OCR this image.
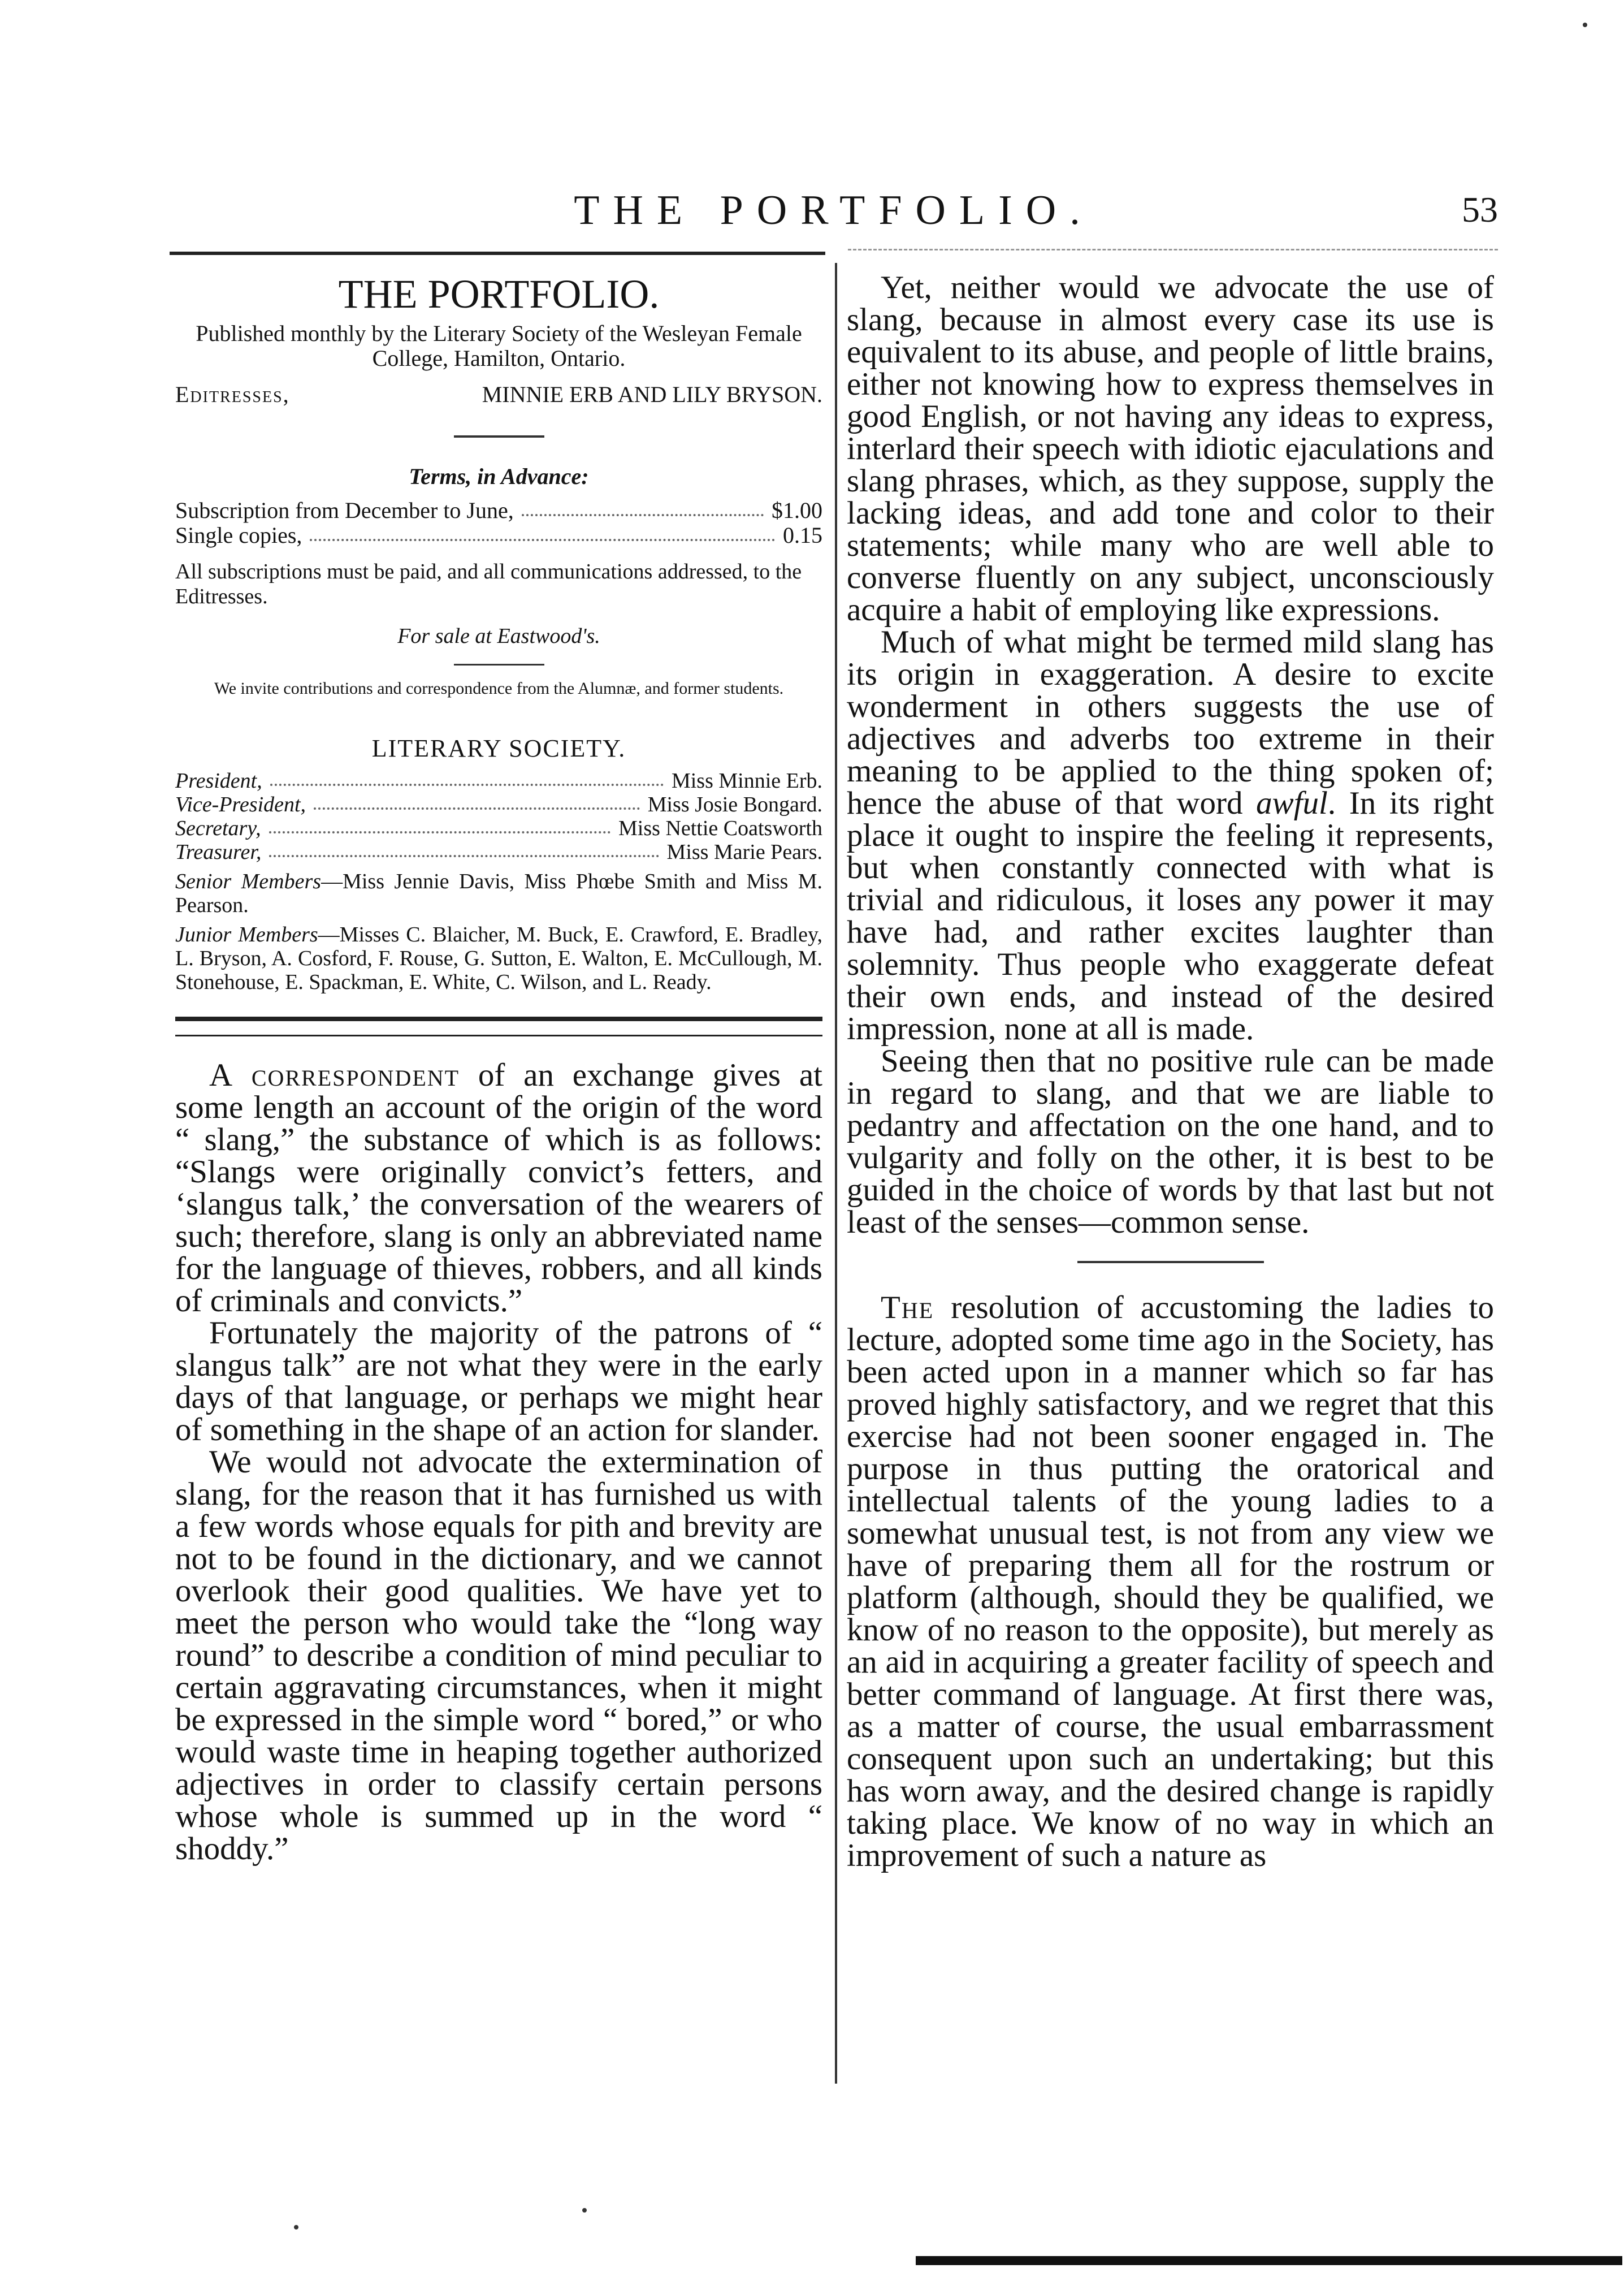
THE PORTFOLIO.	53
THE PORTFOLIO.
Published monthly by the Literary Society of the Wesleyan Female College, Hamilton, Ontario.
Editresses,	MINNIE ERB AND LILY BRYSON.
Terms, in Advance:
Subscription from December to June,	$1.00
Single copies,	0.15
All subscriptions must be paid, and all communications addressed, to the Editresses.
For sale at Eastwood's.
We invite contributions and correspondence from the Alumnæ, and former students.
LITERARY SOCIETY.
President,	Miss Minnie Erb.
Vice-President,	Miss Josie Bongard.
Secretary,	Miss Nettie Coatsworth
Treasurer,	Miss Marie Pears.
Senior Members—Miss Jennie Davis, Miss Phœbe Smith and Miss M. Pearson.
Junior Members—Misses C. Blaicher, M. Buck, E. Crawford, E. Bradley, L. Bryson, A. Cosford, F. Rouse, G. Sutton, E. Walton, E. McCullough, M. Stonehouse, E. Spackman, E. White, C. Wilson, and L. Ready.

A correspondent of an exchange gives at some length an account of the origin of the word “ slang,” the substance of which is as follows: “Slangs were originally convict’s fetters, and ‘slangus talk,’ the conversation of the wearers of such; therefore, slang is only an abbreviated name for the language of thieves, robbers, and all kinds of criminals and convicts.”

Fortunately the majority of the patrons of “ slangus talk” are not what they were in the early days of that language, or perhaps we might hear of something in the shape of an action for slander.

We would not advocate the extermination of slang, for the reason that it has furnished us with a few words whose equals for pith and brevity are not to be found in the dictionary, and we cannot overlook their good qualities. We have yet to meet the person who would take the “long way round” to describe a condition of mind peculiar to certain aggravating circumstances, when it might be expressed in the simple word “ bored,” or who would waste time in heaping together authorized adjectives in order to classify certain persons whose whole is summed up in the word “ shoddy.”

Yet, neither would we advocate the use of slang, because in almost every case its use is equivalent to its abuse, and people of little brains, either not knowing how to express themselves in good English, or not having any ideas to express, interlard their speech with idiotic ejaculations and slang phrases, which, as they suppose, supply the lacking ideas, and add tone and color to their statements; while many who are well able to converse fluently on any subject, unconsciously acquire a habit of employing like expressions.

Much of what might be termed mild slang has its origin in exaggeration. A desire to excite wonderment in others suggests the use of adjectives and adverbs too extreme in their meaning to be applied to the thing spoken of; hence the abuse of that word awful. In its right place it ought to inspire the feeling it represents, but when constantly connected with what is trivial and ridiculous, it loses any power it may have had, and rather excites laughter than solemnity. Thus people who exaggerate defeat their own ends, and instead of the desired impression, none at all is made.

Seeing then that no positive rule can be made in regard to slang, and that we are liable to pedantry and affectation on the one hand, and to vulgarity and folly on the other, it is best to be guided in the choice of words by that last but not least of the senses—common sense.

The resolution of accustoming the ladies to lecture, adopted some time ago in the Society, has been acted upon in a manner which so far has proved highly satisfactory, and we regret that this exercise had not been sooner engaged in. The purpose in thus putting the oratorical and intellectual talents of the young ladies to a somewhat unusual test, is not from any view we have of preparing them all for the rostrum or platform (although, should they be qualified, we know of no reason to the opposite), but merely as an aid in acquiring a greater facility of speech and better command of language. At first there was, as a matter of course, the usual embarrassment consequent upon such an undertaking; but this has worn away, and the desired change is rapidly taking place. We know of no way in which an improvement of such a nature as
